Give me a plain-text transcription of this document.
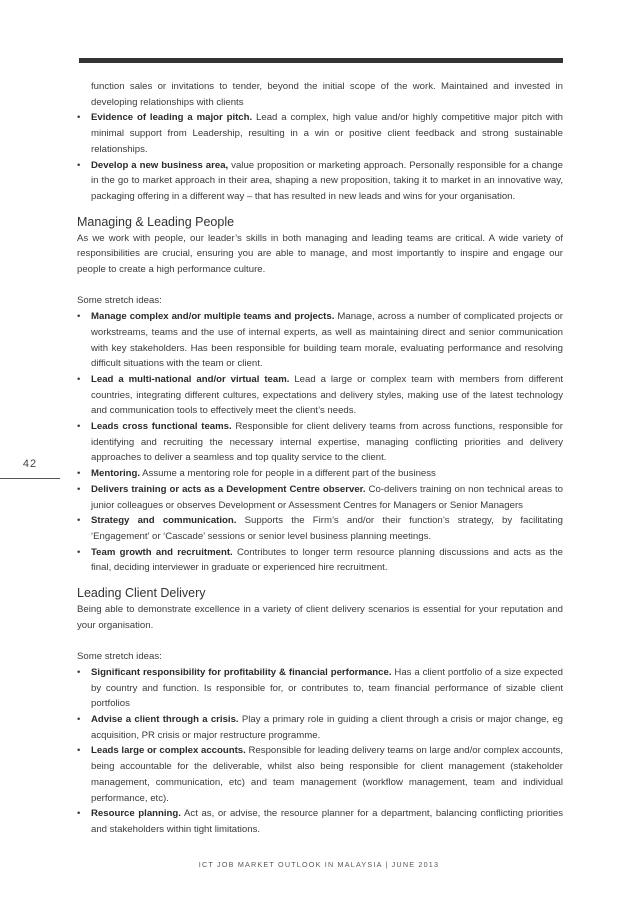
42

function sales or invitations to tender, beyond the initial scope of the work. Maintained and invested in developing relationships with clients

• Evidence of leading a major pitch. Lead a complex, high value and/or highly competitive major pitch with minimal support from Leadership, resulting in a win or positive client feedback and strong sustainable relationships.
• Develop a new business area, value proposition or marketing approach. Personally responsible for a change in the go to market approach in their area, shaping a new proposition, taking it to market in an innovative way, packaging offering in a different way – that has resulted in new leads and wins for your organisation.
Managing & Leading People

As we work with people, our leader’s skills in both managing and leading teams are critical. A wide variety of responsibilities are crucial, ensuring you are able to manage, and most importantly to inspire and engage our people to create a high performance culture.

Some stretch ideas:

• Manage complex and/or multiple teams and projects. Manage, across a number of complicated projects or workstreams, teams and the use of internal experts, as well as maintaining direct and senior communication with key stakeholders. Has been responsible for building team morale, evaluating performance and resolving difficult situations with the team or client.
• Lead a multi-national and/or virtual team. Lead a large or complex team with members from different countries, integrating different cultures, expectations and delivery styles, making use of the latest technology and communication tools to effectively meet the client’s needs.
• Leads cross functional teams. Responsible for client delivery teams from across functions, responsible for identifying and recruiting the necessary internal expertise, managing conflicting priorities and delivery approaches to deliver a seamless and top quality service to the client.
• Mentoring. Assume a mentoring role for people in a different part of the business
• Delivers training or acts as a Development Centre observer. Co-delivers training on non technical areas to junior colleagues or observes Development or Assessment Centres for Managers or Senior Managers
• Strategy and communication. Supports the Firm’s and/or their function’s strategy, by facilitating ‘Engagement’ or ‘Cascade’ sessions or senior level business planning meetings.
• Team growth and recruitment. Contributes to longer term resource planning discussions and acts as the final, deciding interviewer in graduate or experienced hire recruitment.
Leading Client Delivery

Being able to demonstrate excellence in a variety of client delivery scenarios is essential for your reputation and your organisation.

Some stretch ideas:

• Significant responsibility for profitability & financial performance. Has a client portfolio of a size expected by country and function. Is responsible for, or contributes to, team financial performance of sizable client portfolios
• Advise a client through a crisis. Play a primary role in guiding a client through a crisis or major change, eg acquisition, PR crisis or major restructure programme.
• Leads large or complex accounts. Responsible for leading delivery teams on large and/or complex accounts, being accountable for the deliverable, whilst also being responsible for client management (stakeholder management, communication, etc) and team management (workflow management, team and individual performance, etc).
• Resource planning. Act as, or advise, the resource planner for a department, balancing conflicting priorities and stakeholders within tight limitations.
ICT JOB MARKET OUTLOOK IN MALAYSIA | JUNE 2013
